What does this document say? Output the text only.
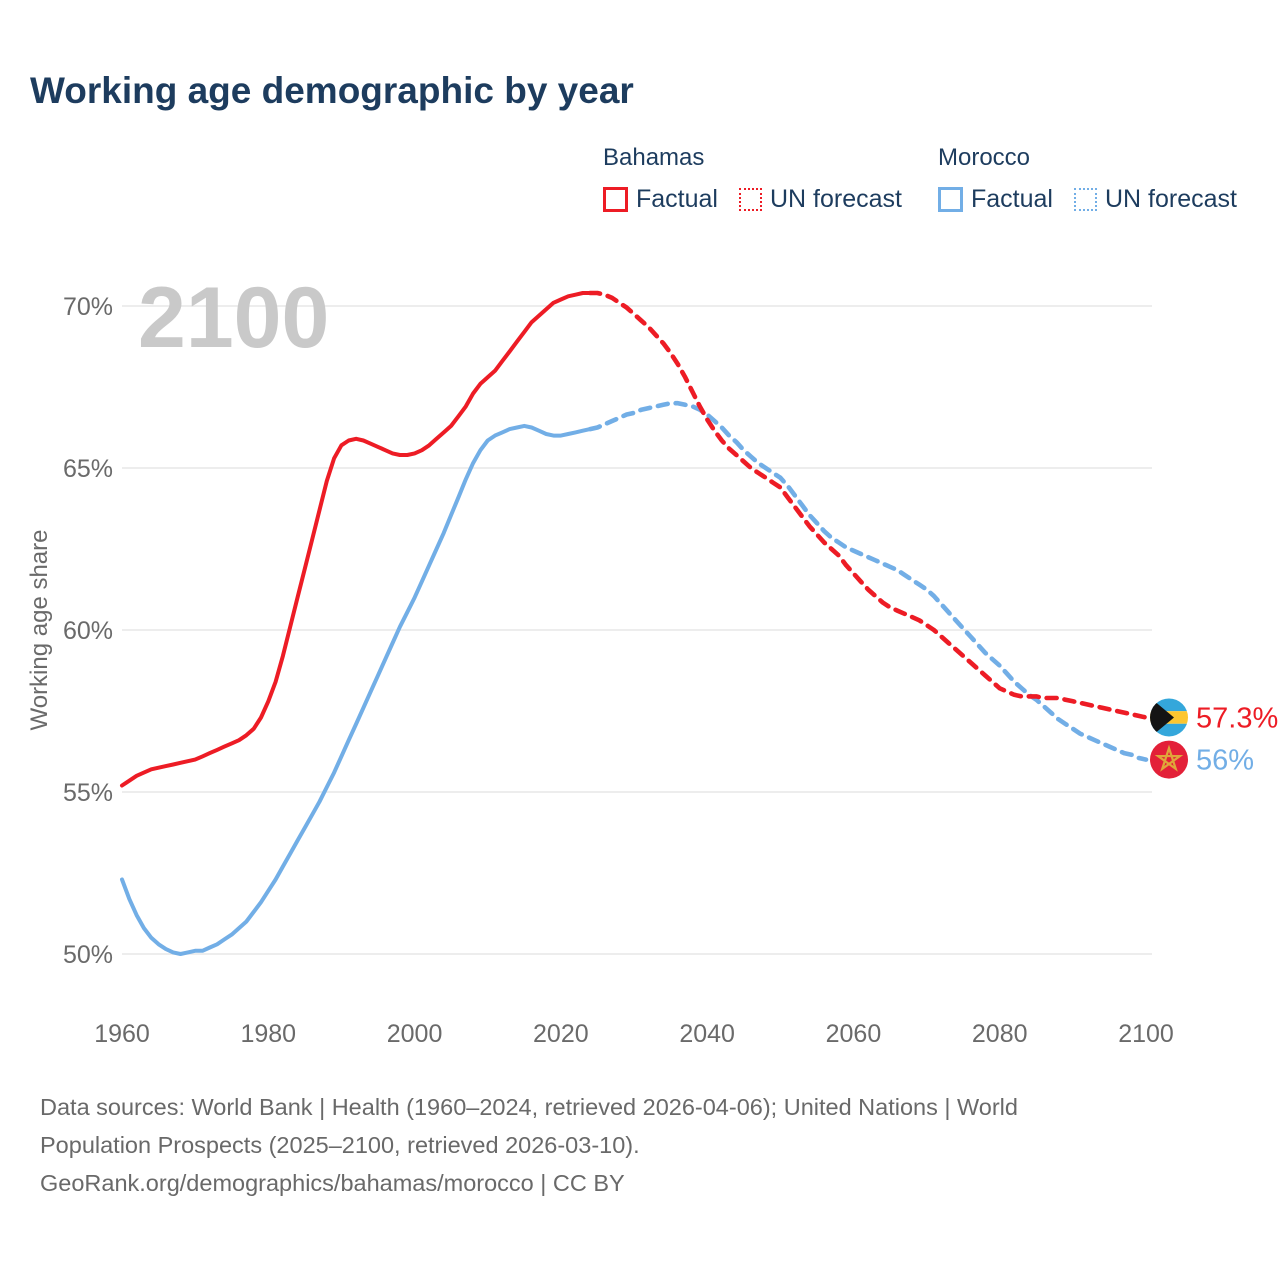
Working age demographic by year
Bahamas
Factual UN forecast
Morocco
Factual UN forecast
70%
65%
60%
55%
50%
2100
1960	1980	2000	2020	2040	2060	2080	2100
Working age share	57.3%
56%
Data sources: World Bank | Health (1960–2024, retrieved 2026-04-06); United Nations | World
Population Prospects (2025–2100, retrieved 2026-03-10).
GeoRank.org/demographics/bahamas/morocco | CC BY
